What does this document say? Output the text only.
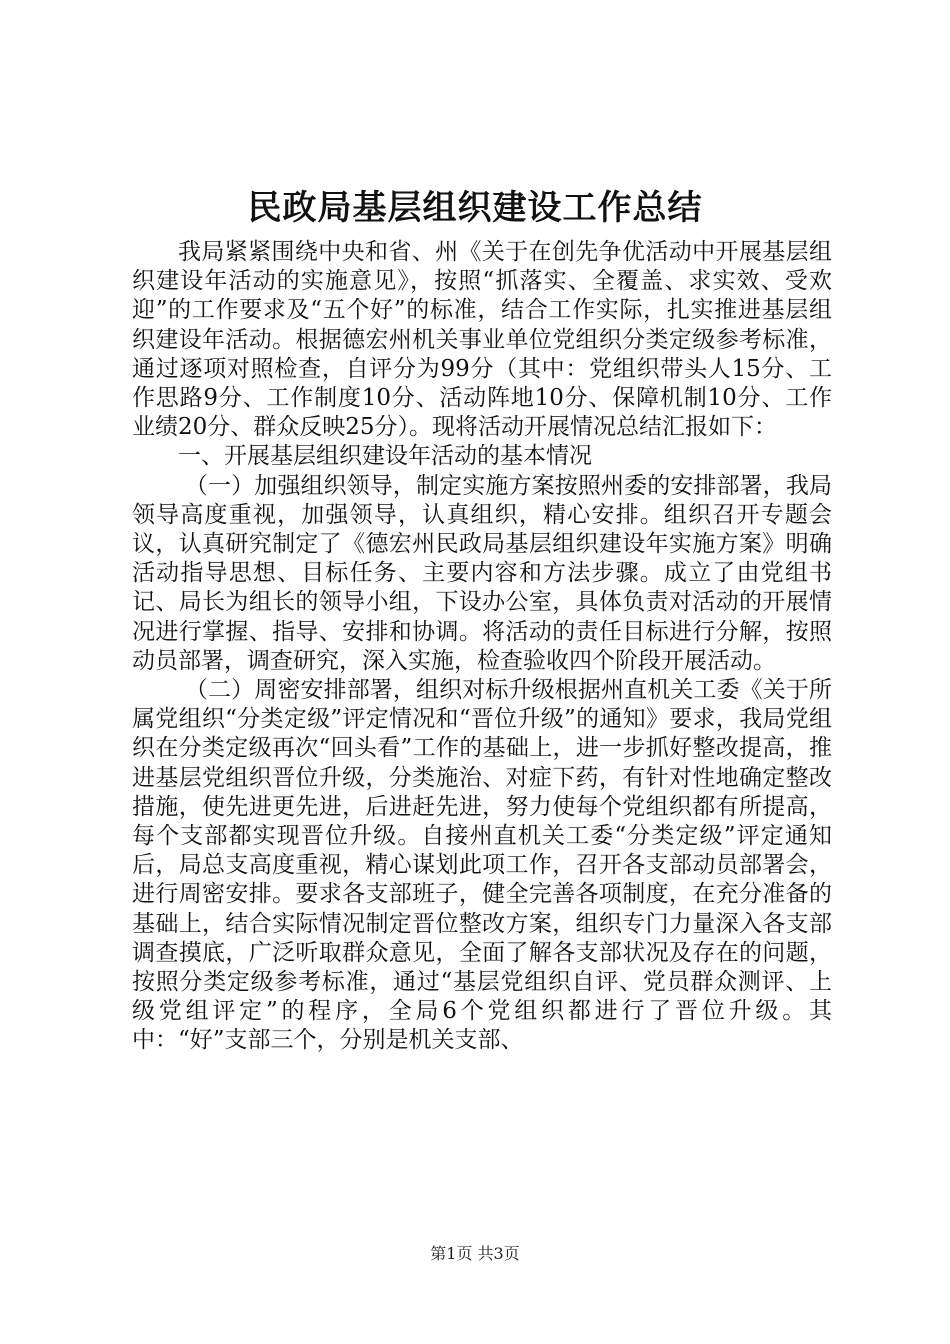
民政局基层组织建设工作总结

我局紧紧围绕中央和省、州《关于在创先争优活动中开展基层组织建设年活动的实施意见》，按照“抓落实、全覆盖、求实效、受欢迎”的工作要求及“五个好”的标准，结合工作实际，扎实推进基层组织建设年活动。根据德宏州机关事业单位党组织分类定级参考标准，通过逐项对照检查，自评分为99分（其中：党组织带头人15分、工作思路9分、工作制度10分、活动阵地10分、保障机制10分、工作业绩20分、群众反映25分）。现将活动开展情况总结汇报如下：

一、开展基层组织建设年活动的基本情况

（一）加强组织领导，制定实施方案按照州委的安排部署，我局领导高度重视，加强领导，认真组织，精心安排。组织召开专题会议，认真研究制定了《德宏州民政局基层组织建设年实施方案》明确活动指导思想、目标任务、主要内容和方法步骤。成立了由党组书记、局长为组长的领导小组，下设办公室，具体负责对活动的开展情况进行掌握、指导、安排和协调。将活动的责任目标进行分解，按照动员部署，调查研究，深入实施，检查验收四个阶段开展活动。

（二）周密安排部署，组织对标升级根据州直机关工委《关于所属党组织“分类定级”评定情况和“晋位升级”的通知》要求，我局党组织在分类定级再次“回头看”工作的基础上，进一步抓好整改提高，推进基层党组织晋位升级，分类施治、对症下药，有针对性地确定整改措施，使先进更先进，后进赶先进，努力使每个党组织都有所提高，每个支部都实现晋位升级。自接州直机关工委“分类定级”评定通知后，局总支高度重视，精心谋划此项工作，召开各支部动员部署会，进行周密安排。要求各支部班子，健全完善各项制度，在充分准备的基础上，结合实际情况制定晋位整改方案，组织专门力量深入各支部调查摸底，广泛听取群众意见，全面了解各支部状况及存在的问题，按照分类定级参考标准，通过“基层党组织自评、党员群众测评、上级党组评定”的程序，全局6个党组织都进行了晋位升级。其中：“好”支部三个，分别是机关支部、

第1页 共3页
